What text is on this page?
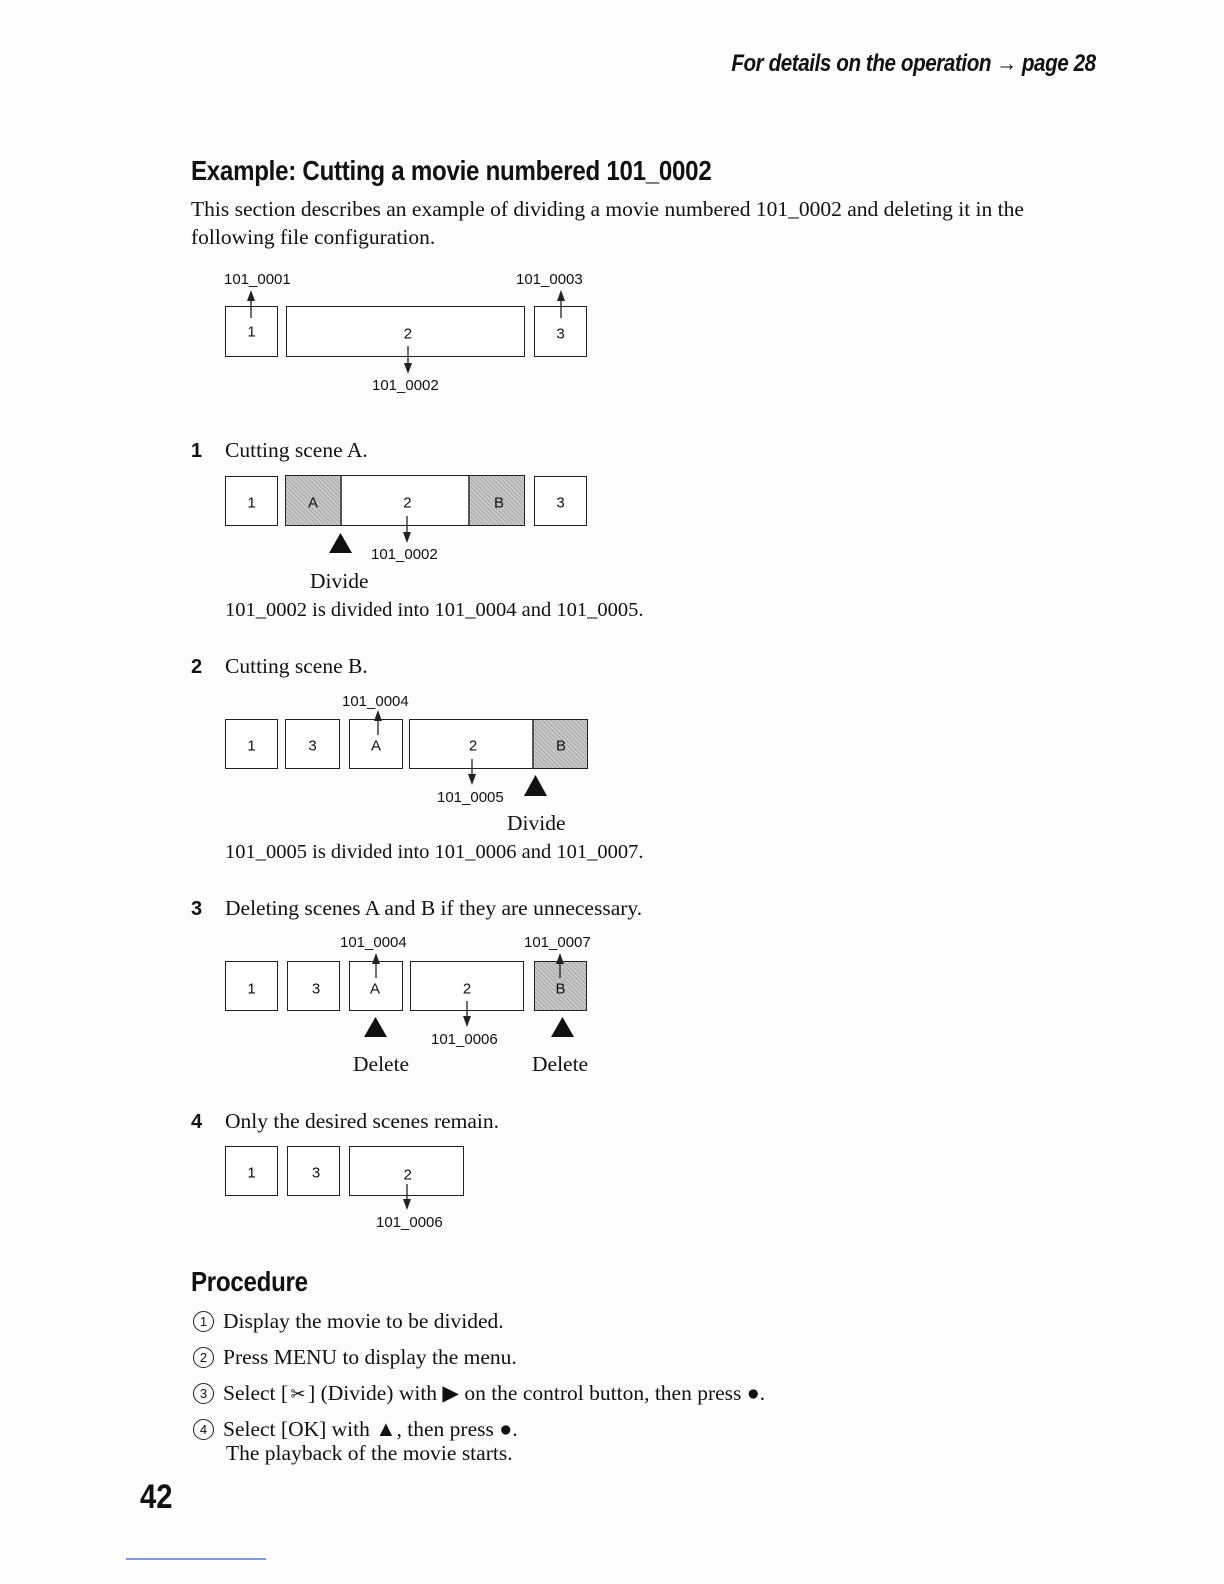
For details on the operation → page 28
Example: Cutting a movie numbered 101_0002
This section describes an example of dividing a movie numbered 101_0002 and deleting it in the following file configuration.
101_0001	101_0003
1	2	3
101_0002
1 Cutting scene A.
1	A	2	B	3
101_0002
Divide
101_0002 is divided into 101_0004 and 101_0005.
2 Cutting scene B.
101_0004
1	3	A	2	B
101_0005
Divide
101_0005 is divided into 101_0006 and 101_0007.
3 Deleting scenes A and B if they are unnecessary.
101_0004	101_0007
1	3	A	2	B
101_0006
Delete	Delete
4 Only the desired scenes remain.
1	3	2
101_0006
Procedure
1 Display the movie to be divided.
2 Press MENU to display the menu.
3 Select [ ✂ ] (Divide) with ▶ on the control button, then press ●.
4 Select [OK] with ▲, then press ●.
The playback of the movie starts.
42
